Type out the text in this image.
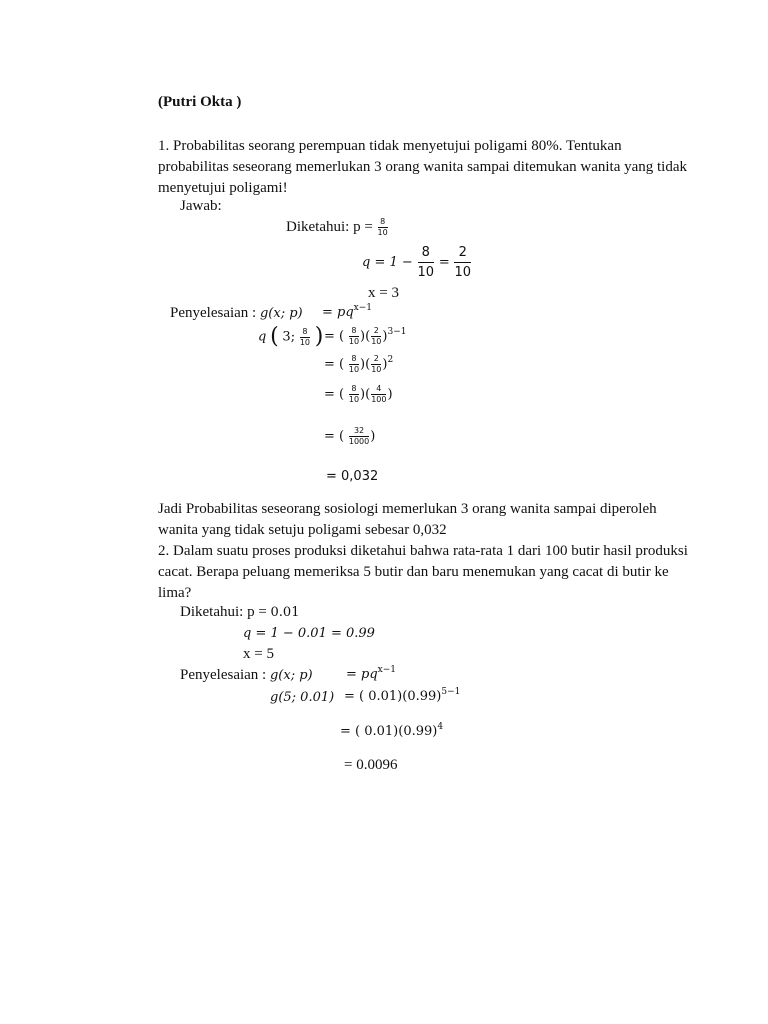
(Putri Okta )
1. Probabilitas seorang perempuan tidak menyetujui poligami 80%. Tentukan probabilitas seseorang memerlukan 3 orang wanita sampai ditemukan wanita yang tidak menyetujui poligami!
Jawab:
Diketahui: $p = \frac{8}{10}$
$q = 1 - \frac{8}{10} = \frac{2}{10}$
x = 3
Penyelesaian : g(x; $p) = pq^{x-1}$
q ( 3; $\frac{8}{10}$ ) = ( $\frac{8}{10}$ )( $\frac{2}{10} )^{3-1}$
= ( $\frac{8}{10}$ )( $\frac{2}{10} )^2$
= ( $\frac{8}{10}$ )( $\frac{4}{100}$ )
= ( $\frac{32}{1000}$ )
= 0,032
Jadi Probabilitas seseorang sosiologi memerlukan 3 orang wanita sampai diperoleh wanita yang tidak setuju poligami sebesar 0,032
2. Dalam suatu proses produksi diketahui bahwa rata-rata 1 dari 100 butir hasil produksi cacat. Berapa peluang memeriksa 5 butir dan baru menemukan yang cacat di butir ke lima?
Diketahui: p = 0.01
q = 1 − 0.01 = 0.99
x = 5
Penyelesaian : g(x; p)	= $pq^{x-1}$
g(5; 0.01) = ( $0.01)(0.99)^{5-1}$
= ( $0.01)(0.99)^4$
= 0.0096
